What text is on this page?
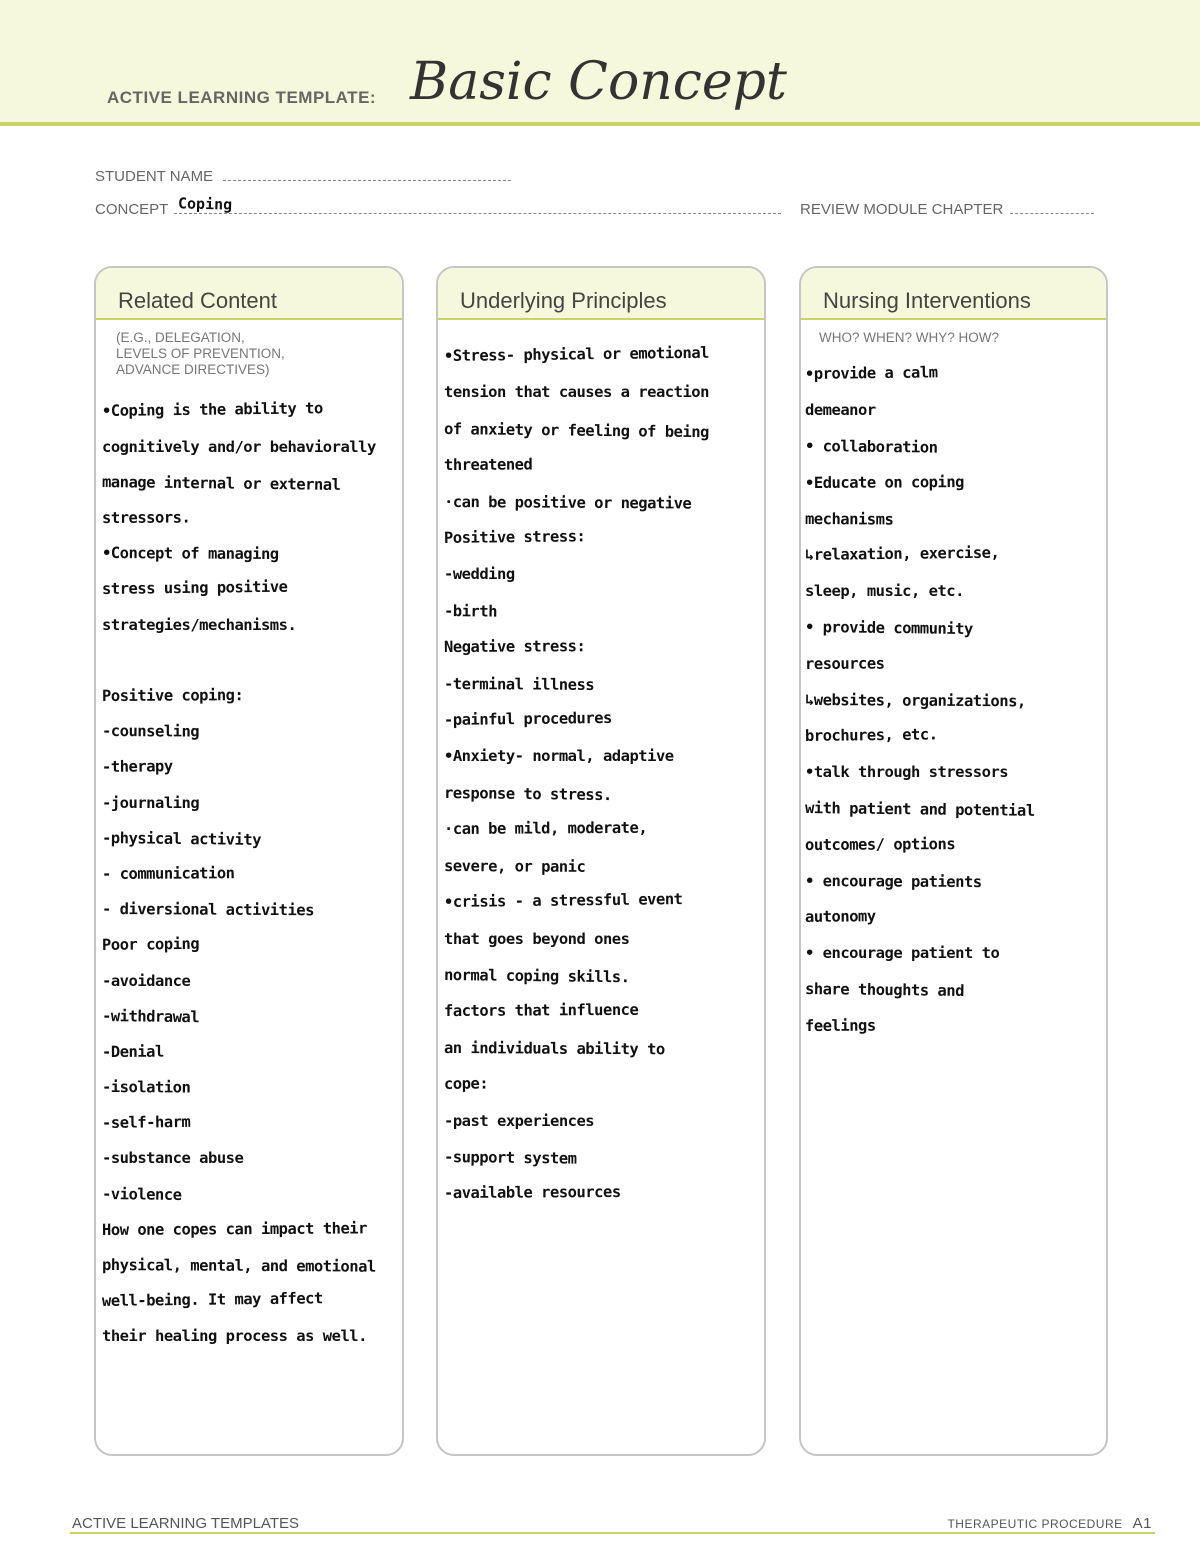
ACTIVE LEARNING TEMPLATE: Basic Concept
STUDENT NAME
CONCEPT Coping	REVIEW MODULE CHAPTER
Related Content
(E.G., DELEGATION,
LEVELS OF PREVENTION,
ADVANCE DIRECTIVES)
•Coping is the ability to
cognitively and/or behaviorally
manage internal or external
stressors.
•Concept of managing
stress using positive
strategies/mechanisms.

Positive coping:
-counseling
-therapy
-journaling
-physical activity
- communication
- diversional activities
Poor coping
-avoidance
-withdrawal
-Denial
-isolation
-self-harm
-substance abuse
-violence
How one copes can impact their
physical, mental, and emotional
well-being. It may affect
their healing process as well.
Underlying Principles
•Stress- physical or emotional
tension that causes a reaction
of anxiety or feeling of being
threatened
·can be positive or negative
Positive stress:
-wedding
-birth
Negative stress:
-terminal illness
-painful procedures
•Anxiety- normal, adaptive
response to stress.
·can be mild, moderate,
severe, or panic
•crisis - a stressful event
that goes beyond ones
normal coping skills.
factors that influence
an individuals ability to
cope:
-past experiences
-support system
-available resources
Nursing Interventions
WHO? WHEN? WHY? HOW?
•provide a calm
demeanor
• collaboration
•Educate on coping
mechanisms
↳relaxation, exercise,
sleep, music, etc.
• provide community
resources
↳websites, organizations,
brochures, etc.
•talk through stressors
with patient and potential
outcomes/ options
• encourage patients
autonomy
• encourage patient to
share thoughts and
feelings
ACTIVE LEARNING TEMPLATES	THERAPEUTIC PROCEDURE A1
